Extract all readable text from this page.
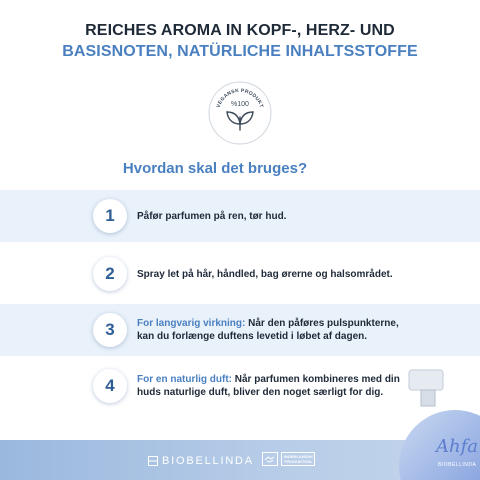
REICHES AROMA IN KOPF-, HERZ- UND
BASISNOTEN, NATÜRLICHE INHALTSSTOFFE
VEGANSK PRODUKT
%100
Hvordan skal det bruges?
1	Påfør parfumen på ren, tør hud.
2	Spray let på hår, håndled, bag ørerne og halsområdet.
3	For langvarig virkning: Når den påføres pulspunkterne, kan du forlænge duftens levetid i løbet af dagen.
4	For en naturlig duft: Når parfumen kombineres med din huds naturlige duft, bliver den noget særligt for dig.
BIOBELLINDA	INDENLANDSK PRODUKTION
Ahfa
BIOBELLINDA
